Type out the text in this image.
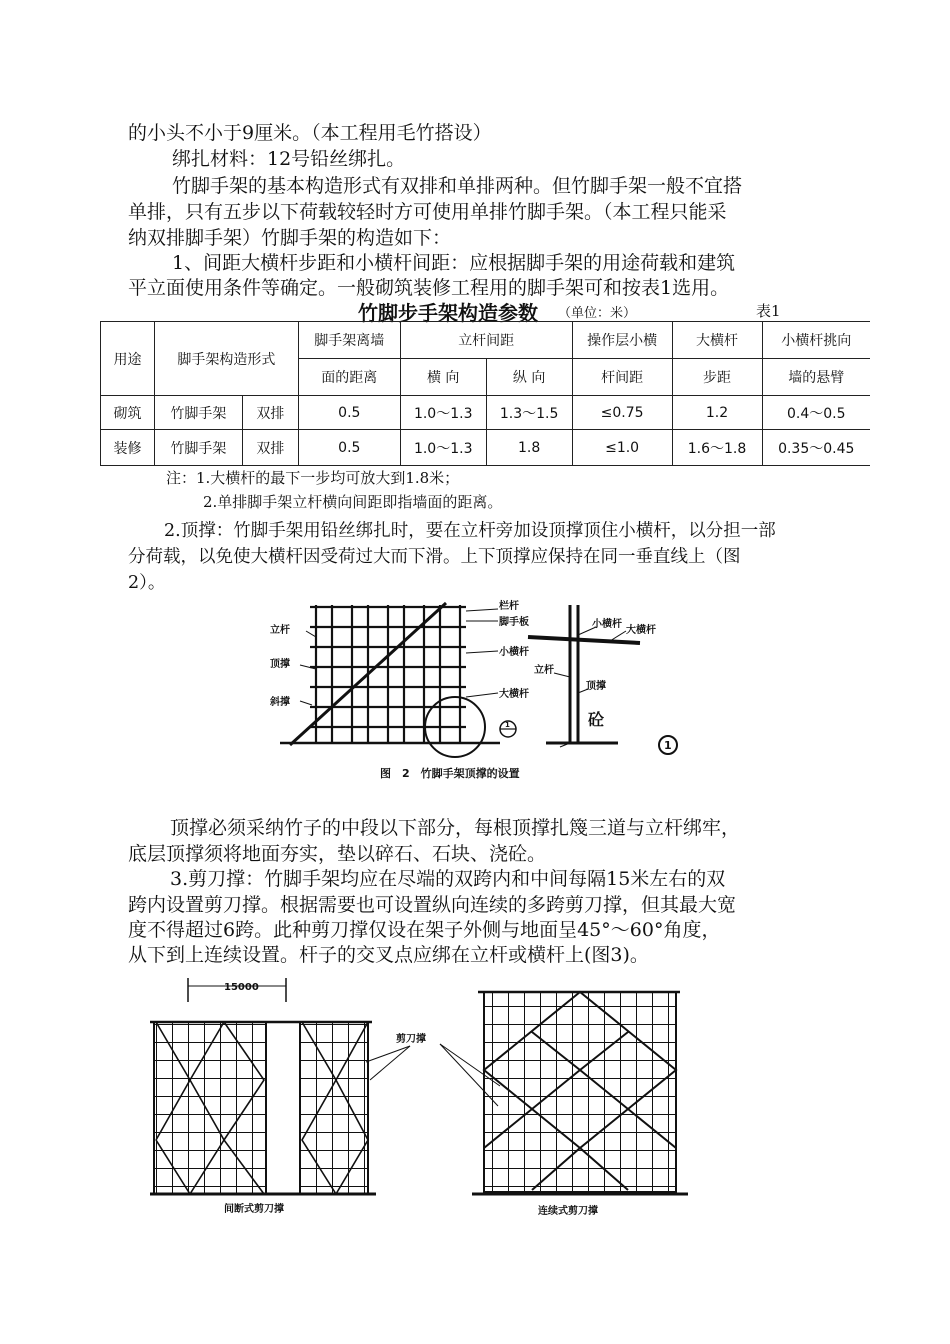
的小头不小于9厘米。（本工程用毛竹搭设）
绑扎材料：12号铅丝绑扎。
竹脚手架的基本构造形式有双排和单排两种。但竹脚手架一般不宜搭
单排，只有五步以下荷载较轻时方可使用单排竹脚手架。（本工程只能采
纳双排脚手架）竹脚手架的构造如下：
1、间距大横杆步距和小横杆间距：应根据脚手架的用途荷载和建筑
平立面使用条件等确定。一般砌筑装修工程用的脚手架可和按表1选用。
竹脚步手架构造参数 （单位：米）	表1
用途	脚手架构造形式		脚手架离墙	立杆间距		操作层小横	大横杆	小横杆挑向
			面的距离	横 向	纵 向	杆间距	步距	墙的悬臂
砌筑	竹脚手架	双排	0.5	1.0～1.3	1.3～1.5	≤0.75	1.2	0.4～0.5
装修	竹脚手架	双排	0.5	1.0～1.3	1.8	≤1.0	1.6～1.8	0.35～0.45
注：1.大横杆的最下一步均可放大到1.8米；
2.单排脚手架立杆横向间距即指墙面的距离。
2.顶撑：竹脚手架用铅丝绑扎时，要在立杆旁加设顶撑顶住小横杆，以分担一部
分荷载，以免使大横杆因受荷过大而下滑。上下顶撑应保持在同一垂直线上（图
2）。
栏杆
脚手板
立杆
小横杆
顶撑
大横杆
斜撑
小横杆
大横杆
立杆
顶撑
砼
1
1
图　2　竹脚手架顶撑的设置
顶撑必须采纳竹子的中段以下部分，每根顶撑扎篾三道与立杆绑牢，
底层顶撑须将地面夯实，垫以碎石、石块、浇砼。
3.剪刀撑：竹脚手架均应在尽端的双跨内和中间每隔15米左右的双
跨内设置剪刀撑。根据需要也可设置纵向连续的多跨剪刀撑，但其最大宽
度不得超过6跨。此种剪刀撑仅设在架子外侧与地面呈45°～60°角度，
从下到上连续设置。杆子的交叉点应绑在立杆或横杆上(图3)。
15000
剪刀撑
间断式剪刀撑	连续式剪刀撑
